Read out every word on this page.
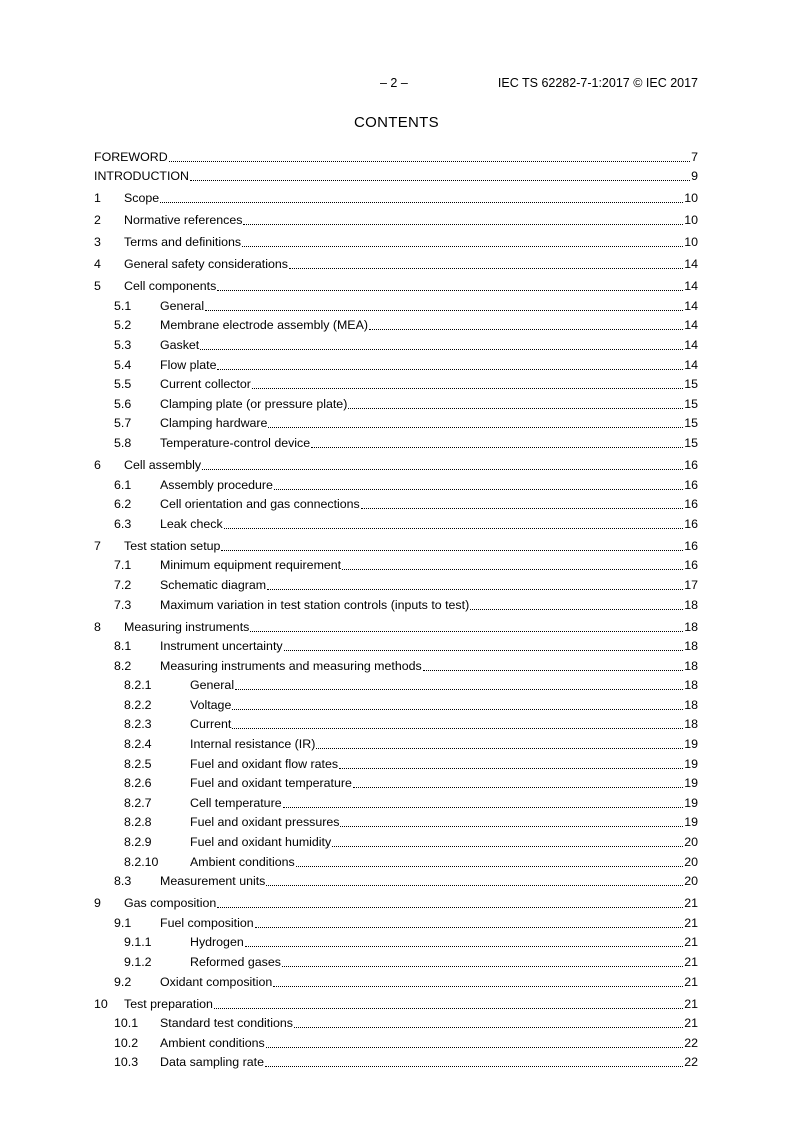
– 2 –	IEC TS 62282-7-1:2017 © IEC 2017
CONTENTS
FOREWORD	7
INTRODUCTION	9
1	Scope	10
2	Normative references	10
3	Terms and definitions	10
4	General safety considerations	14
5	Cell components	14
5.1	General	14
5.2	Membrane electrode assembly (MEA)	14
5.3	Gasket	14
5.4	Flow plate	14
5.5	Current collector	15
5.6	Clamping plate (or pressure plate)	15
5.7	Clamping hardware	15
5.8	Temperature-control device	15
6	Cell assembly	16
6.1	Assembly procedure	16
6.2	Cell orientation and gas connections	16
6.3	Leak check	16
7	Test station setup	16
7.1	Minimum equipment requirement	16
7.2	Schematic diagram	17
7.3	Maximum variation in test station controls (inputs to test)	18
8	Measuring instruments	18
8.1	Instrument uncertainty	18
8.2	Measuring instruments and measuring methods	18
8.2.1	General	18
8.2.2	Voltage	18
8.2.3	Current	18
8.2.4	Internal resistance (IR)	19
8.2.5	Fuel and oxidant flow rates	19
8.2.6	Fuel and oxidant temperature	19
8.2.7	Cell temperature	19
8.2.8	Fuel and oxidant pressures	19
8.2.9	Fuel and oxidant humidity	20
8.2.10	Ambient conditions	20
8.3	Measurement units	20
9	Gas composition	21
9.1	Fuel composition	21
9.1.1	Hydrogen	21
9.1.2	Reformed gases	21
9.2	Oxidant composition	21
10	Test preparation	21
10.1	Standard test conditions	21
10.2	Ambient conditions	22
10.3	Data sampling rate	22
